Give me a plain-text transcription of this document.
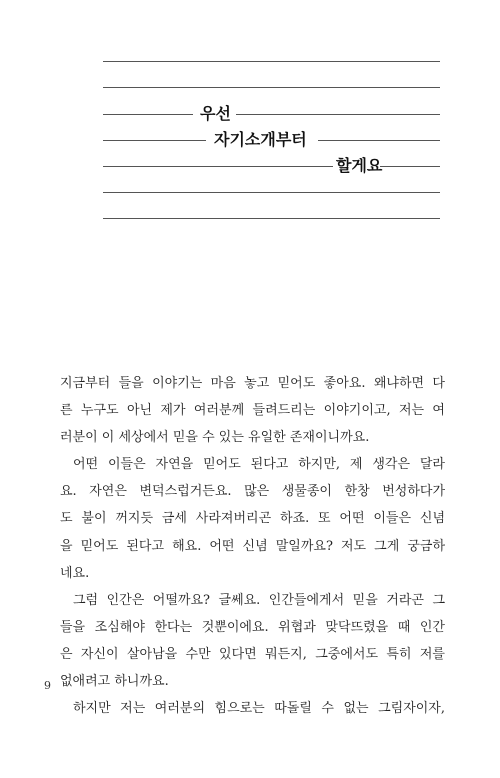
우선
자기소개부터
할게요

지금부터 들을 이야기는 마음 놓고 믿어도 좋아요. 왜냐하면 다
른 누구도 아닌 제가 여러분께 들려드리는 이야기이고, 저는 여
러분이 이 세상에서 믿을 수 있는 유일한 존재이니까요.

어떤 이들은 자연을 믿어도 된다고 하지만, 제 생각은 달라
요. 자연은 변덕스럽거든요. 많은 생물종이 한창 번성하다가
도 불이 꺼지듯 금세 사라져버리곤 하죠. 또 어떤 이들은 신념
을 믿어도 된다고 해요. 어떤 신념 말일까요? 저도 그게 궁금하
네요.

그럼 인간은 어떨까요? 글쎄요. 인간들에게서 믿을 거라곤 그
들을 조심해야 한다는 것뿐이에요. 위협과 맞닥뜨렸을 때 인간
은 자신이 살아남을 수만 있다면 뭐든지, 그중에서도 특히 저를
없애려고 하니까요.

하지만 저는 여러분의 힘으로는 따돌릴 수 없는 그림자이자,

6
